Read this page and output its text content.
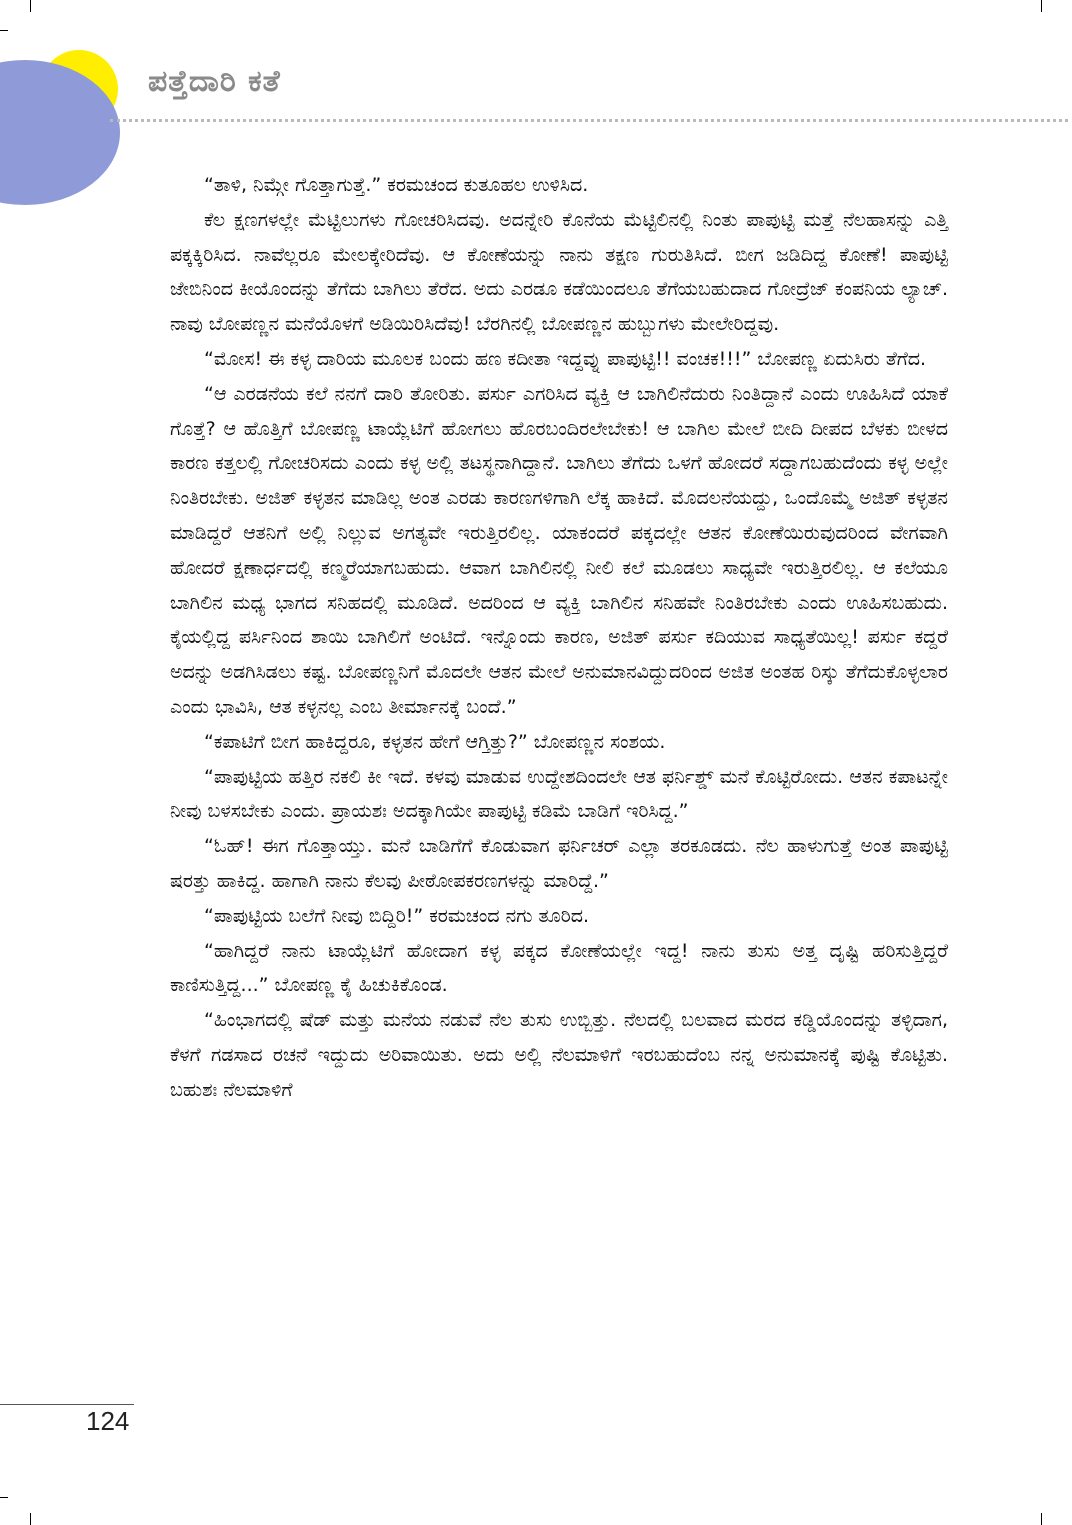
ಪತ್ತೆದಾರಿ ಕತೆ

“ತಾಳಿ, ನಿಮ್ಗೇ ಗೊತ್ತಾಗುತ್ತೆ.” ಕರಮಚಂದ ಕುತೂಹಲ ಉಳಿಸಿದ.

ಕೆಲ ಕ್ಷಣಗಳಲ್ಲೇ ಮೆಟ್ಟಿಲುಗಳು ಗೋಚರಿಸಿದವು. ಅದನ್ನೇರಿ ಕೊನೆಯ ಮೆಟ್ಟಿಲಿನಲ್ಲಿ ನಿಂತು ಪಾಪುಟ್ಟಿ ಮತ್ತೆ ನೆಲಹಾಸನ್ನು ಎತ್ತಿ ಪಕ್ಕಕ್ಕಿರಿಸಿದ. ನಾವೆಲ್ಲರೂ ಮೇಲಕ್ಕೇರಿದೆವು. ಆ ಕೋಣೆಯನ್ನು ನಾನು ತಕ್ಷಣ ಗುರುತಿಸಿದೆ. ಬೀಗ ಜಡಿದಿದ್ದ ಕೋಣೆ! ಪಾಪುಟ್ಟಿ ಜೇಬಿನಿಂದ ಕೀಯೊಂದನ್ನು ತೆಗೆದು ಬಾಗಿಲು ತೆರೆದ. ಅದು ಎರಡೂ ಕಡೆಯಿಂದಲೂ ತೆಗೆಯಬಹುದಾದ ಗೋದ್ರೆಜ್ ಕಂಪನಿಯ ಲ್ಯಾಚ್. ನಾವು ಬೋಪಣ್ಣನ ಮನೆಯೊಳಗೆ ಅಡಿಯಿರಿಸಿದೆವು! ಬೆರಗಿನಲ್ಲಿ ಬೋಪಣ್ಣನ ಹುಬ್ಬುಗಳು ಮೇಲೇರಿದ್ದವು.

“ಮೋಸ! ಈ ಕಳ್ಳ ದಾರಿಯ ಮೂಲಕ ಬಂದು ಹಣ ಕದೀತಾ ಇದ್ದವ್ನು ಪಾಪುಟ್ಟಿ!! ವಂಚಕ!!!” ಬೋಪಣ್ಣ ಏದುಸಿರು ತೆಗೆದ.

“ಆ ಎರಡನೆಯ ಕಲೆ ನನಗೆ ದಾರಿ ತೋರಿತು. ಪರ್ಸು ಎಗರಿಸಿದ ವ್ಯಕ್ತಿ ಆ ಬಾಗಿಲಿನೆದುರು ನಿಂತಿದ್ದಾನೆ ಎಂದು ಊಹಿಸಿದೆ ಯಾಕೆ ಗೊತ್ತೆ? ಆ ಹೊತ್ತಿಗೆ ಬೋಪಣ್ಣ ಟಾಯ್ಲೆಟಿಗೆ ಹೋಗಲು ಹೊರಬಂದಿರಲೇಬೇಕು! ಆ ಬಾಗಿಲ ಮೇಲೆ ಬೀದಿ ದೀಪದ ಬೆಳಕು ಬೀಳದ ಕಾರಣ ಕತ್ತಲಲ್ಲಿ ಗೋಚರಿಸದು ಎಂದು ಕಳ್ಳ ಅಲ್ಲಿ ತಟಸ್ಥನಾಗಿದ್ದಾನೆ. ಬಾಗಿಲು ತೆಗೆದು ಒಳಗೆ ಹೋದರೆ ಸದ್ದಾಗಬಹುದೆಂದು ಕಳ್ಳ ಅಲ್ಲೇ ನಿಂತಿರಬೇಕು. ಅಜಿತ್ ಕಳ್ಳತನ ಮಾಡಿಲ್ಲ ಅಂತ ಎರಡು ಕಾರಣಗಳಿಗಾಗಿ ಲೆಕ್ಕ ಹಾಕಿದೆ. ಮೊದಲನೆಯದ್ದು, ಒಂದೊಮ್ಮೆ ಅಜಿತ್ ಕಳ್ಳತನ ಮಾಡಿದ್ದರೆ ಆತನಿಗೆ ಅಲ್ಲಿ ನಿಲ್ಲುವ ಅಗತ್ಯವೇ ಇರುತ್ತಿರಲಿಲ್ಲ. ಯಾಕಂದರೆ ಪಕ್ಕದಲ್ಲೇ ಆತನ ಕೋಣೆಯಿರುವುದರಿಂದ ವೇಗವಾಗಿ ಹೋದರೆ ಕ್ಷಣಾರ್ಧದಲ್ಲಿ ಕಣ್ಮರೆಯಾಗಬಹುದು. ಆವಾಗ ಬಾಗಿಲಿನಲ್ಲಿ ನೀಲಿ ಕಲೆ ಮೂಡಲು ಸಾಧ್ಯವೇ ಇರುತ್ತಿರಲಿಲ್ಲ. ಆ ಕಲೆಯೂ ಬಾಗಿಲಿನ ಮಧ್ಯ ಭಾಗದ ಸನಿಹದಲ್ಲಿ ಮೂಡಿದೆ. ಅದರಿಂದ ಆ ವ್ಯಕ್ತಿ ಬಾಗಿಲಿನ ಸನಿಹವೇ ನಿಂತಿರಬೇಕು ಎಂದು ಊಹಿಸಬಹುದು. ಕೈಯಲ್ಲಿದ್ದ ಪರ್ಸಿನಿಂದ ಶಾಯಿ ಬಾಗಿಲಿಗೆ ಅಂಟಿದೆ. ಇನ್ನೊಂದು ಕಾರಣ, ಅಜಿತ್ ಪರ್ಸು ಕದಿಯುವ ಸಾಧ್ಯತೆಯಿಲ್ಲ! ಪರ್ಸು ಕದ್ದರೆ ಅದನ್ನು ಅಡಗಿಸಿಡಲು ಕಷ್ಟ. ಬೋಪಣ್ಣನಿಗೆ ಮೊದಲೇ ಆತನ ಮೇಲೆ ಅನುಮಾನವಿದ್ದುದರಿಂದ ಅಜಿತ ಅಂತಹ ರಿಸ್ಕು ತೆಗೆದುಕೊಳ್ಳಲಾರ ಎಂದು ಭಾವಿಸಿ, ಆತ ಕಳ್ಳನಲ್ಲ ಎಂಬ ತೀರ್ಮಾನಕ್ಕೆ ಬಂದೆ.”

“ಕಪಾಟಿಗೆ ಬೀಗ ಹಾಕಿದ್ದರೂ, ಕಳ್ಳತನ ಹೇಗೆ ಆಗ್ತಿತ್ತು?” ಬೋಪಣ್ಣನ ಸಂಶಯ.

“ಪಾಪುಟ್ಟಿಯ ಹತ್ತಿರ ನಕಲಿ ಕೀ ಇದೆ. ಕಳವು ಮಾಡುವ ಉದ್ದೇಶದಿಂದಲೇ ಆತ ಫರ್ನಿಶ್ಡ್ ಮನೆ ಕೊಟ್ಟಿರೋದು. ಆತನ ಕಪಾಟನ್ನೇ ನೀವು ಬಳಸಬೇಕು ಎಂದು. ಪ್ರಾಯಶಃ ಅದಕ್ಕಾಗಿಯೇ ಪಾಪುಟ್ಟಿ ಕಡಿಮೆ ಬಾಡಿಗೆ ಇರಿಸಿದ್ದ.”

“ಓಹ್! ಈಗ ಗೊತ್ತಾಯ್ತು. ಮನೆ ಬಾಡಿಗೆಗೆ ಕೊಡುವಾಗ ಫರ್ನಿಚರ್ ಎಲ್ಲಾ ತರಕೂಡದು. ನೆಲ ಹಾಳುಗುತ್ತೆ ಅಂತ ಪಾಪುಟ್ಟಿ ಷರತ್ತು ಹಾಕಿದ್ದ. ಹಾಗಾಗಿ ನಾನು ಕೆಲವು ಪೀಠೋಪಕರಣಗಳನ್ನು ಮಾರಿದ್ದೆ.”

“ಪಾಪುಟ್ಟಿಯ ಬಲೆಗೆ ನೀವು ಬಿದ್ದಿರಿ!” ಕರಮಚಂದ ನಗು ತೂರಿದ.

“ಹಾಗಿದ್ದರೆ ನಾನು ಟಾಯ್ಲೆಟಿಗೆ ಹೋದಾಗ ಕಳ್ಳ ಪಕ್ಕದ ಕೋಣೆಯಲ್ಲೇ ಇದ್ದ! ನಾನು ತುಸು ಅತ್ತ ದೃಷ್ಟಿ ಹರಿಸುತ್ತಿದ್ದರೆ ಕಾಣಿಸುತ್ತಿದ್ದ...” ಬೋಪಣ್ಣ ಕೈ ಹಿಚುಕಿಕೊಂಡ.

“ಹಿಂಭಾಗದಲ್ಲಿ ಷೆಡ್ ಮತ್ತು ಮನೆಯ ನಡುವೆ ನೆಲ ತುಸು ಉಬ್ಬಿತ್ತು. ನೆಲದಲ್ಲಿ ಬಲವಾದ ಮರದ ಕಡ್ಡಿಯೊಂದನ್ನು ತಳ್ಳಿದಾಗ, ಕೆಳಗೆ ಗಡಸಾದ ರಚನೆ ಇದ್ದುದು ಅರಿವಾಯಿತು. ಅದು ಅಲ್ಲಿ ನೆಲಮಾಳಿಗೆ ಇರಬಹುದೆಂಬ ನನ್ನ ಅನುಮಾನಕ್ಕೆ ಪುಷ್ಟಿ ಕೊಟ್ಟಿತು. ಬಹುಶಃ ನೆಲಮಾಳಿಗೆ

124
